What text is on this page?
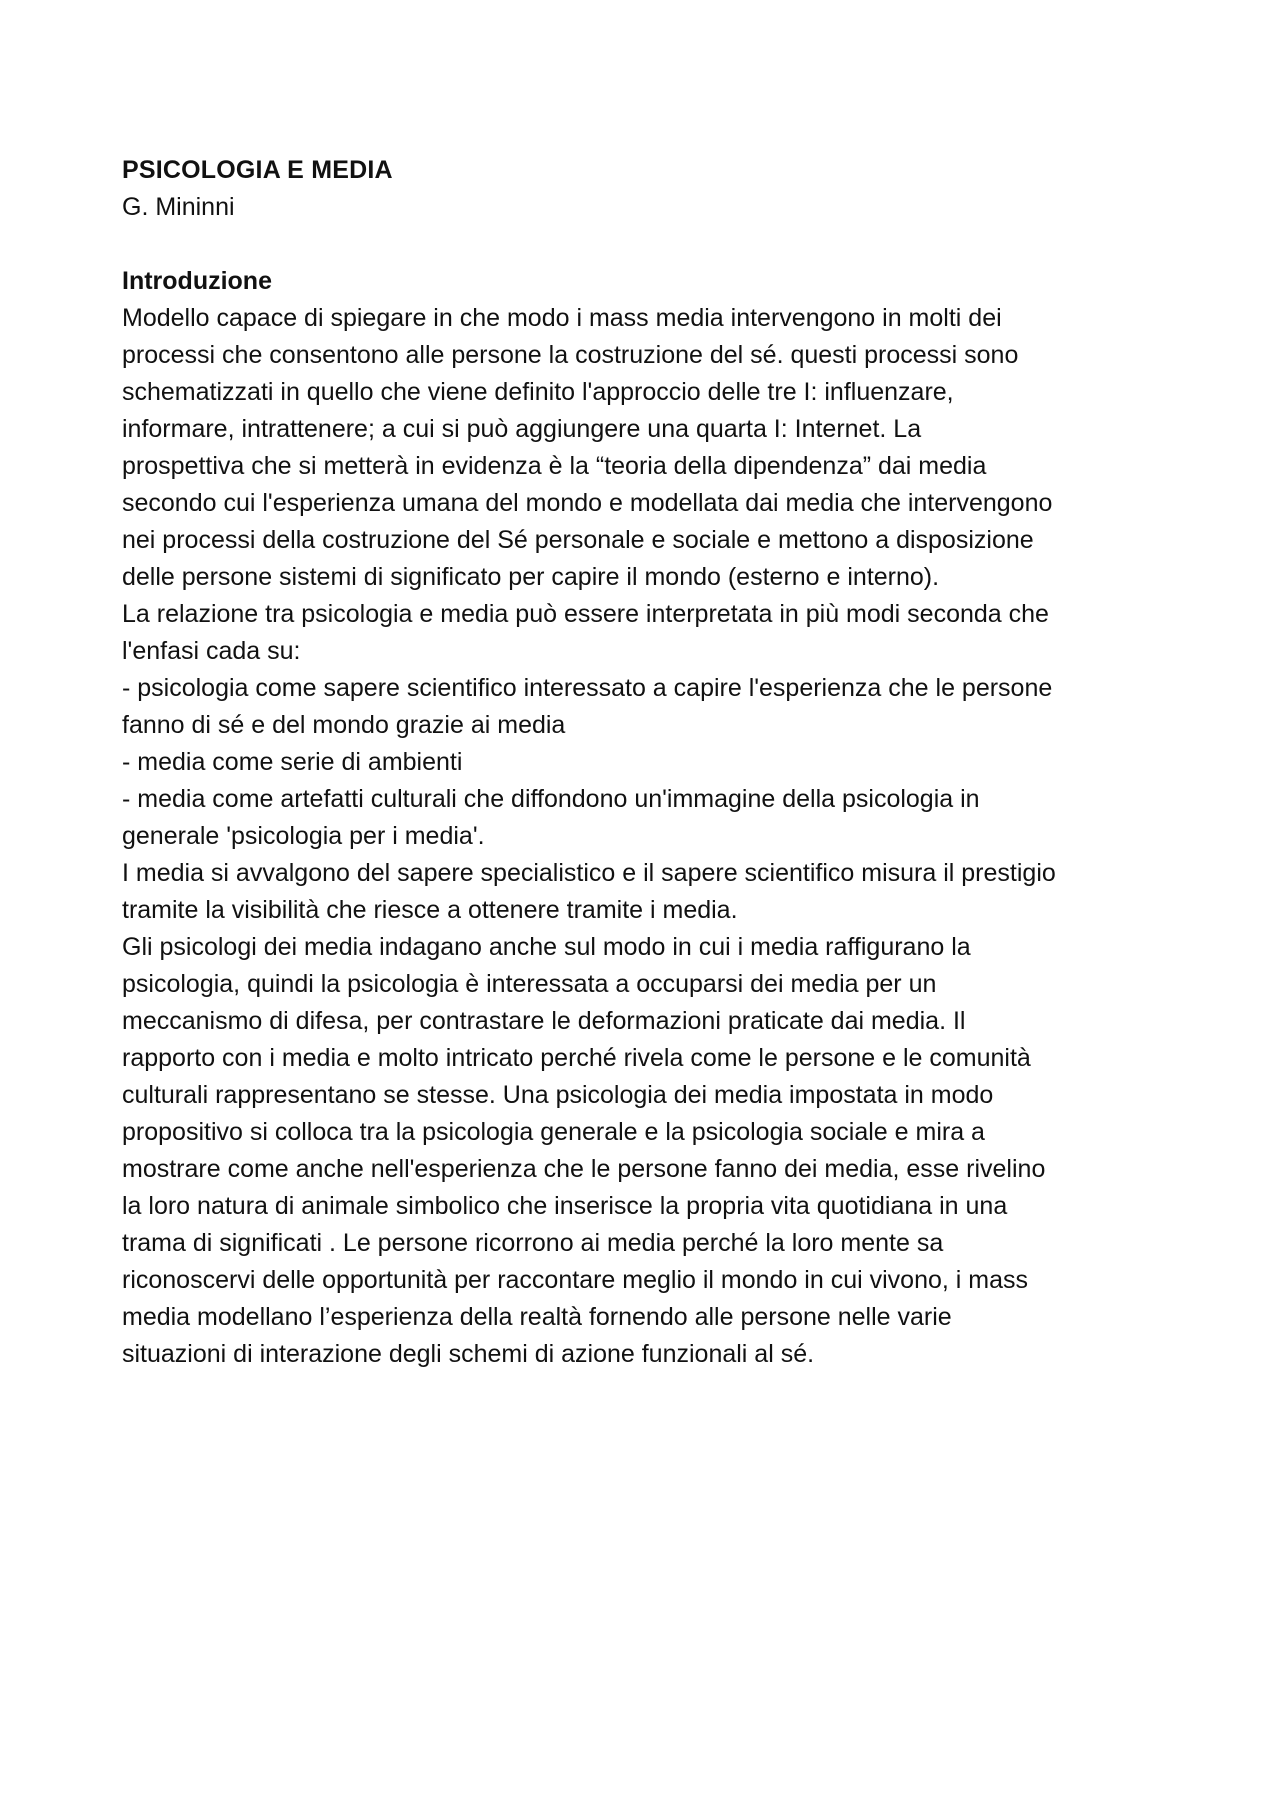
PSICOLOGIA E MEDIA

G. Mininni

Introduzione

Modello capace di spiegare in che modo i mass media intervengono in molti dei

processi che consentono alle persone la costruzione del sé. questi processi sono

schematizzati in quello che viene definito l'approccio delle tre I: influenzare,

informare, intrattenere; a cui si può aggiungere una quarta I: Internet. La

prospettiva che si metterà in evidenza è la “teoria della dipendenza” dai media

secondo cui l'esperienza umana del mondo e modellata dai media che intervengono

nei processi della costruzione del Sé personale e sociale e mettono a disposizione

delle persone sistemi di significato per capire il mondo (esterno e interno).

La relazione tra psicologia e media può essere interpretata in più modi seconda che

l'enfasi cada su:

- psicologia come sapere scientifico interessato a capire l'esperienza che le persone

fanno di sé e del mondo grazie ai media

- media come serie di ambienti

- media come artefatti culturali che diffondono un'immagine della psicologia in

generale 'psicologia per i media'.

I media si avvalgono del sapere specialistico e il sapere scientifico misura il prestigio

tramite la visibilità che riesce a ottenere tramite i media.

Gli psicologi dei media indagano anche sul modo in cui i media raffigurano la

psicologia, quindi la psicologia è interessata a occuparsi dei media per un

meccanismo di difesa, per contrastare le deformazioni praticate dai media. Il

rapporto con i media e molto intricato perché rivela come le persone e le comunità

culturali rappresentano se stesse. Una psicologia dei media impostata in modo

propositivo si colloca tra la psicologia generale e la psicologia sociale e mira a

mostrare come anche nell'esperienza che le persone fanno dei media, esse rivelino

la loro natura di animale simbolico che inserisce la propria vita quotidiana in una

trama di significati . Le persone ricorrono ai media perché la loro mente sa

riconoscervi delle opportunità per raccontare meglio il mondo in cui vivono, i mass

media modellano l’esperienza della realtà fornendo alle persone nelle varie

situazioni di interazione degli schemi di azione funzionali al sé.
